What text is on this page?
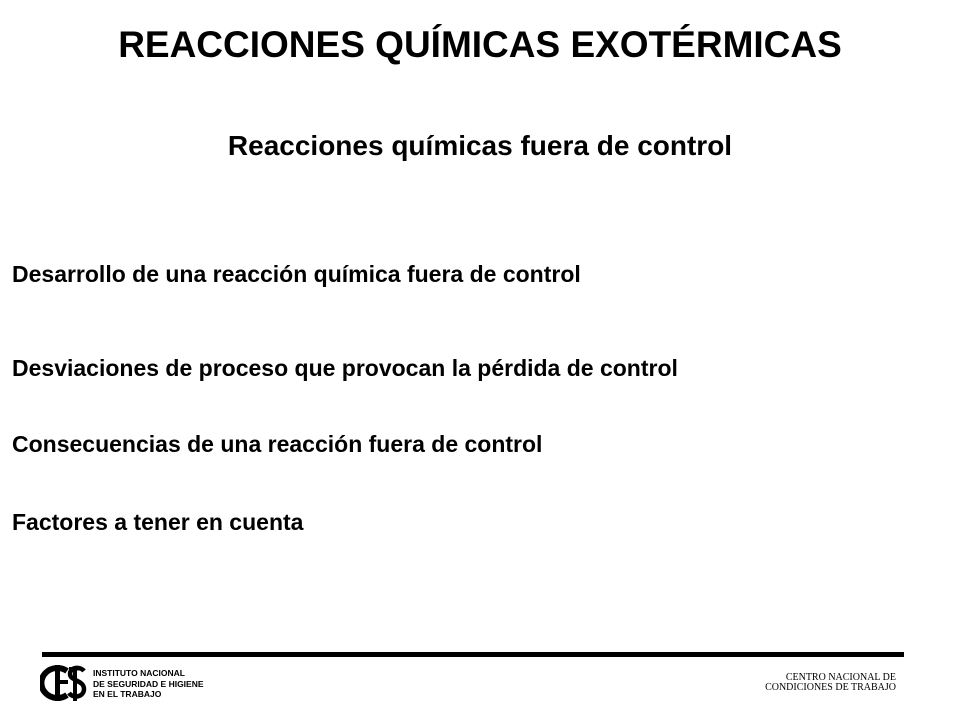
REACCIONES QUÍMICAS EXOTÉRMICAS
Reacciones químicas fuera de control
Desarrollo de una reacción química fuera de control
Desviaciones de proceso que provocan la pérdida de control
Consecuencias de una reacción fuera de control
Factores a tener en cuenta
INSTITUTO NACIONAL
DE SEGURIDAD E HIGIENE
EN EL TRABAJO
CENTRO NACIONAL DE
CONDICIONES DE TRABAJO
